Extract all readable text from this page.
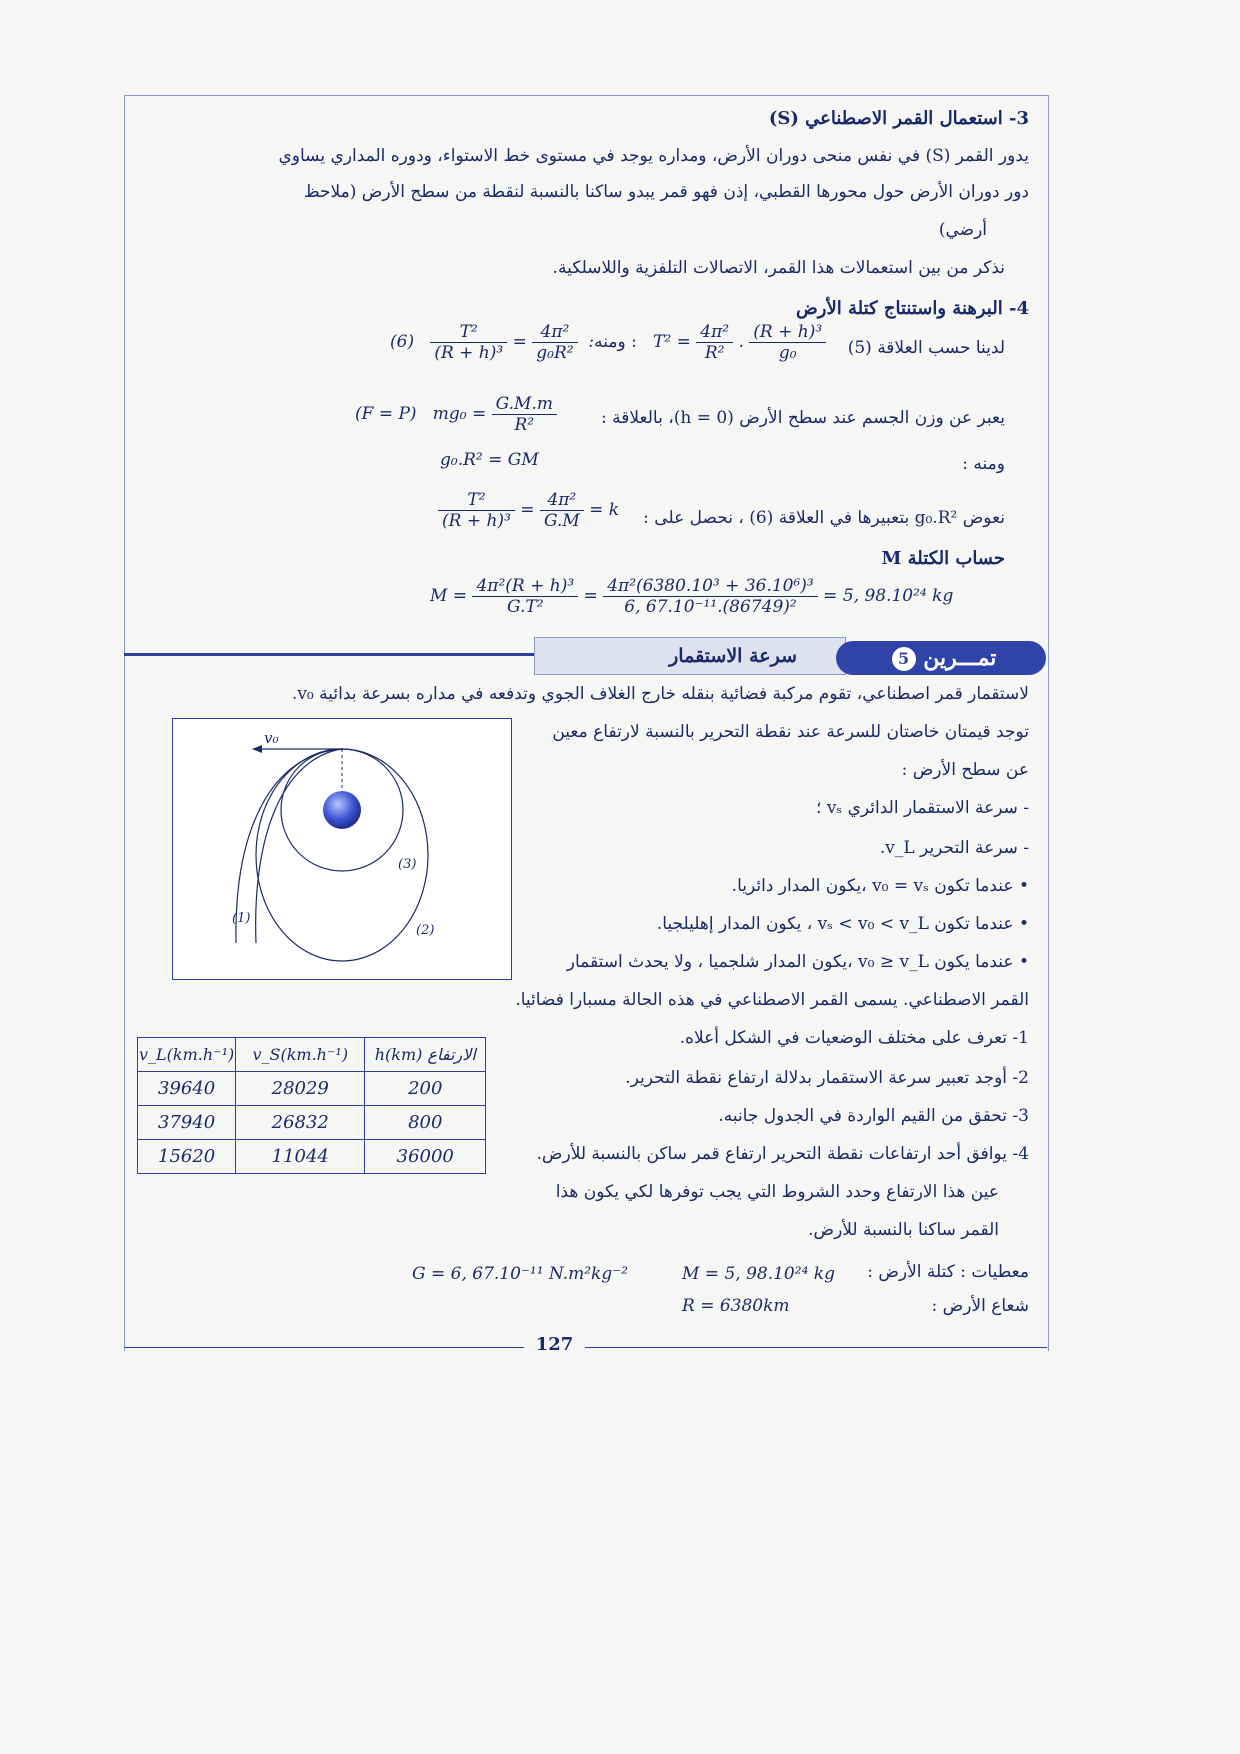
3- استعمال القمر الاصطناعي (S)
يدور القمر (S) في نفس منحى دوران الأرض، ومداره يوجد في مستوى خط الاستواء، ودوره المداري يساوي
دور دوران الأرض حول محورها القطبي، إذن فهو قمر يبدو ساكنا بالنسبة لنقطة من سطح الأرض (ملاحظ
أرضي)
نذكر من بين استعمالات هذا القمر، الاتصالات التلفزية واللاسلكية.
4- البرهنة واستنتاج كتلة الأرض
لدينا حسب العلاقة (5)
$(6) \frac{\text{T²}}{\text{(R + h)³}} = \frac{\text{4π²}}{\text{g₀R²}}$ :ومنه :   $T^2 = \frac{\text{4π²}}{\text{R²}}$ . $\frac{\text{(R + h)³}}{\text{g₀}}$
يعبر عن وزن الجسم عند سطح الأرض (h = 0)، بالعلاقة :
(F = P)   $mg_0 = \frac{G.M.m}{\text{R²}}$
ومنه :
g₀.R² = GM
نعوض g₀.R² بتعبيرها في العلاقة (6) ، نحصل على :
$\frac{\text{T²}}{\text{(R + h)³}} = \frac{\text{4π²}}{G.M} = k$
حساب الكتلة M
$M = \frac{\text{4π²(R + h)³}}{\text{G.T²}} = \frac{\text{4π²(6380.10³ + 36.10⁶)³}}{\text{6, 67.10⁻¹¹.(86749)²}} = 5$, 98.10²⁴ kg
سرعة الاستقمار	5 تمـــرين
لاستقمار قمر اصطناعي، تقوم مركبة فضائية بنقله خارج الغلاف الجوي وتدفعه في مداره بسرعة بدائية v₀.
توجد قيمتان خاصتان للسرعة عند نقطة التحرير بالنسبة لارتفاع معين
عن سطح الأرض :
- سرعة الاستقمار الدائري vₛ ؛
- سرعة التحرير v_L.
• عندما تكون v₀ = vₛ ،يكون المدار دائريا.
• عندما تكون vₛ < v₀ < v_L ، يكون المدار إهليلجيا.
• عندما يكون v₀ ≥ v_L ،يكون المدار شلجميا ، ولا يحدث استقمار
القمر الاصطناعي. يسمى القمر الاصطناعي في هذه الحالة مسبارا فضائيا.
1- تعرف على مختلف الوضعيات في الشكل أعلاه.
2- أوجد تعبير سرعة الاستقمار بدلالة ارتفاع نقطة التحرير.
3- تحقق من القيم الواردة في الجدول جانبه.
4- يوافق أحد ارتفاعات نقطة التحرير ارتفاع قمر ساكن بالنسبة للأرض.
عين هذا الارتفاع وحدد الشروط التي يجب توفرها لكي يكون هذا
القمر ساكنا بالنسبة للأرض.
معطيات : كتلة الأرض :
M = 5, 98.10²⁴ kg
G = 6, 67.10⁻¹¹ N.m²kg⁻²
شعاع الأرض :
R = 6380km
v₀
(1)
(3)
(2)
v_L(km.h⁻¹)	v_S(km.h⁻¹)	الارتفاع h(km)
39640	28029	200
37940	26832	800
15620	11044	36000
127
